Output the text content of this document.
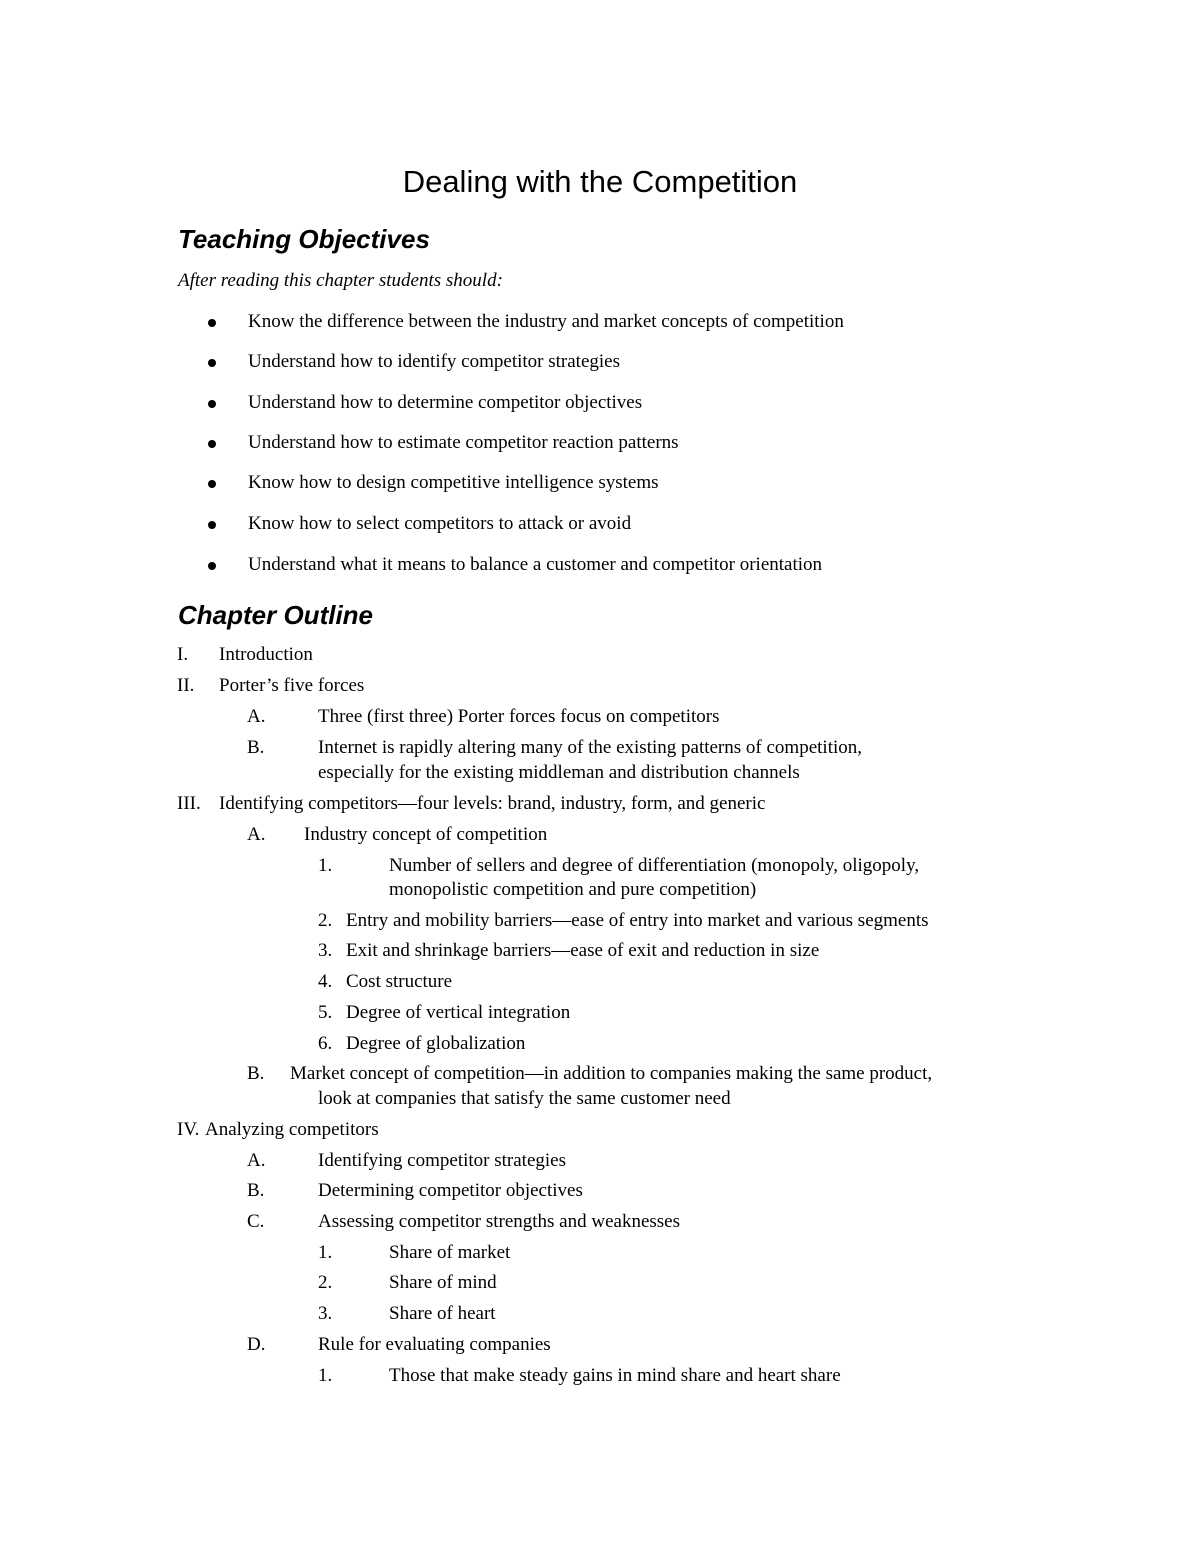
Dealing with the Competition
Teaching Objectives

After reading this chapter students should:

Know the difference between the industry and market concepts of competition
Understand how to identify competitor strategies
Understand how to determine competitor objectives
Understand how to estimate competitor reaction patterns
Know how to design competitive intelligence systems
Know how to select competitors to attack or avoid
Understand what it means to balance a customer and competitor orientation
Chapter Outline
I. Introduction
II. Porter’s five forces
A.	Three (first three) Porter forces focus on competitors
B.	Internet is rapidly altering many of the existing patterns of competition,
especially for the existing middleman and distribution channels
III. Identifying competitors—four levels: brand, industry, form, and generic
A. Industry concept of competition
1.	Number of sellers and degree of differentiation (monopoly, oligopoly,
monopolistic competition and pure competition)
2. Entry and mobility barriers—ease of entry into market and various segments
3. Exit and shrinkage barriers—ease of exit and reduction in size
4. Cost structure
5. Degree of vertical integration
6. Degree of globalization
B. Market concept of competition—in addition to companies making the same product,
look at companies that satisfy the same customer need
IV. Analyzing competitors
A.	Identifying competitor strategies
B.	Determining competitor objectives
C.	Assessing competitor strengths and weaknesses
1.	Share of market
2.	Share of mind
3.	Share of heart
D.	Rule for evaluating companies
1.	Those that make steady gains in mind share and heart share
